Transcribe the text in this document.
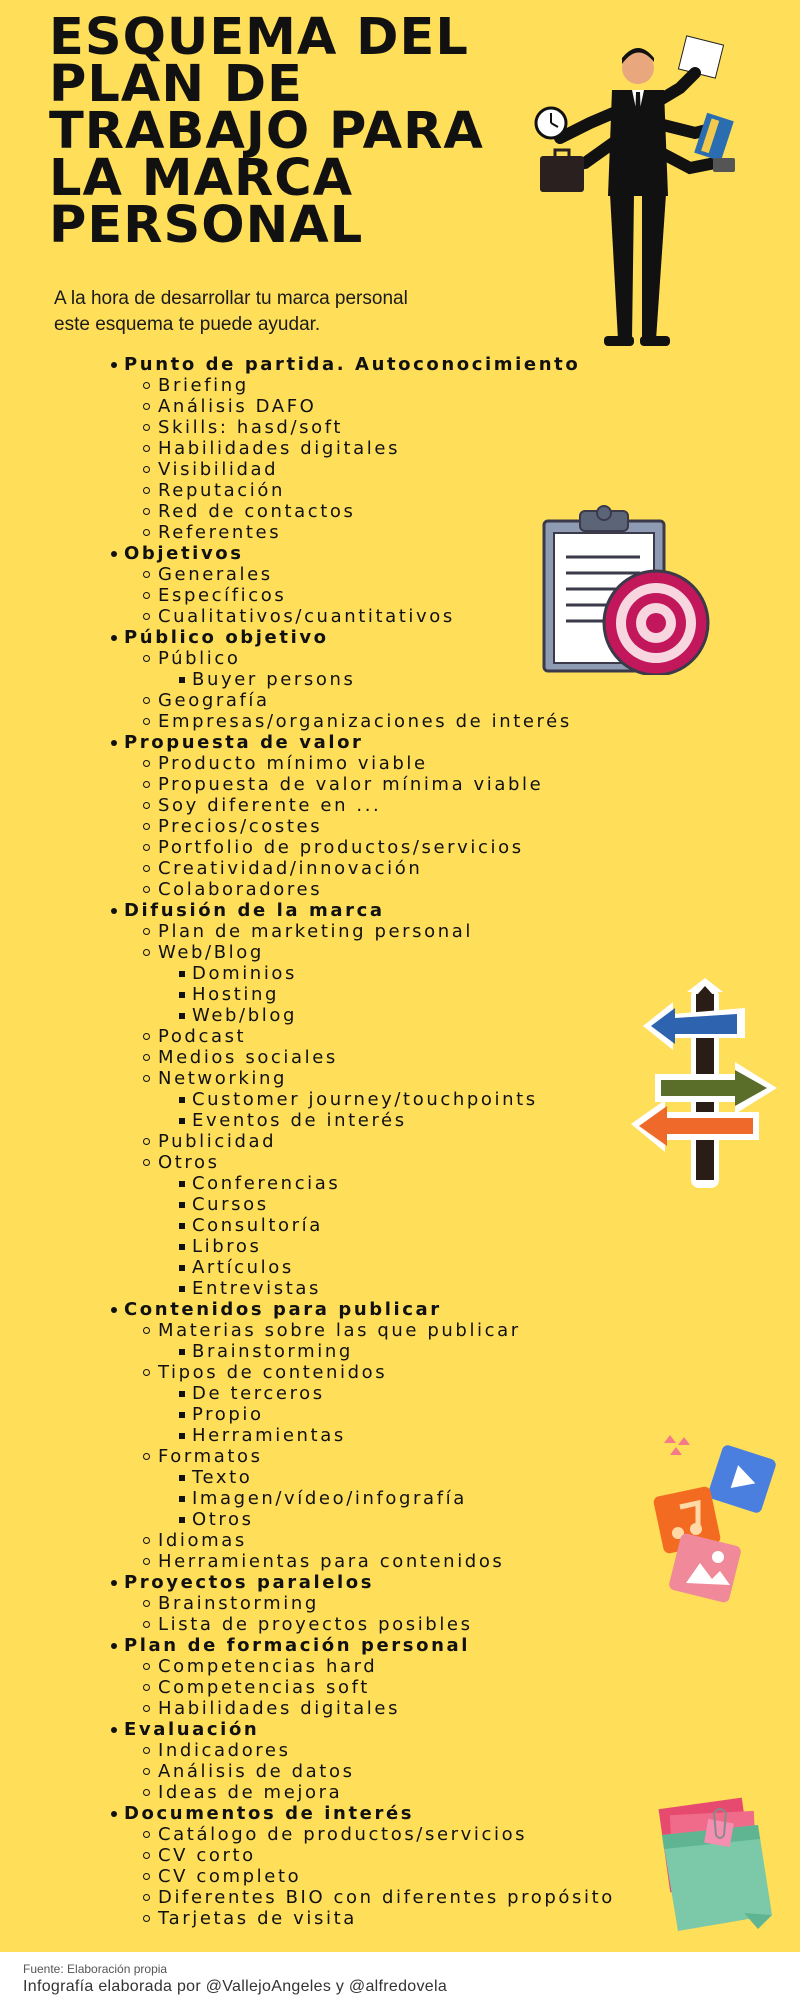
ESQUEMA DEL
PLAN DE
TRABAJO PARA
LA MARCA
PERSONAL

A la hora de desarrollar tu marca personal
este esquema te puede ayudar.

Punto de partida. Autoconocimiento
Briefing
Análisis DAFO
Skills: hasd/soft
Habilidades digitales
Visibilidad
Reputación
Red de contactos
Referentes
Objetivos
Generales
Específicos
Cualitativos/cuantitativos
Público objetivo
Público
Buyer persons
Geografía
Empresas/organizaciones de interés
Propuesta de valor
Producto mínimo viable
Propuesta de valor mínima viable
Soy diferente en ...
Precios/costes
Portfolio de productos/servicios
Creatividad/innovación
Colaboradores
Difusión de la marca
Plan de marketing personal
Web/Blog
Dominios
Hosting
Web/blog
Podcast
Medios sociales
Networking
Customer journey/touchpoints
Eventos de interés
Publicidad
Otros
Conferencias
Cursos
Consultoría
Libros
Artículos
Entrevistas
Contenidos para publicar
Materias sobre las que publicar
Brainstorming
Tipos de contenidos
De terceros
Propio
Herramientas
Formatos
Texto
Imagen/vídeo/infografía
Otros
Idiomas
Herramientas para contenidos
Proyectos paralelos
Brainstorming
Lista de proyectos posibles
Plan de formación personal
Competencias hard
Competencias soft
Habilidades digitales
Evaluación
Indicadores
Análisis de datos
Ideas de mejora
Documentos de interés
Catálogo de productos/servicios
CV corto
CV completo
Diferentes BIO con diferentes propósito
Tarjetas de visita
Fuente: Elaboración propia
Infografía elaborada por @VallejoAngeles y @alfredovela
